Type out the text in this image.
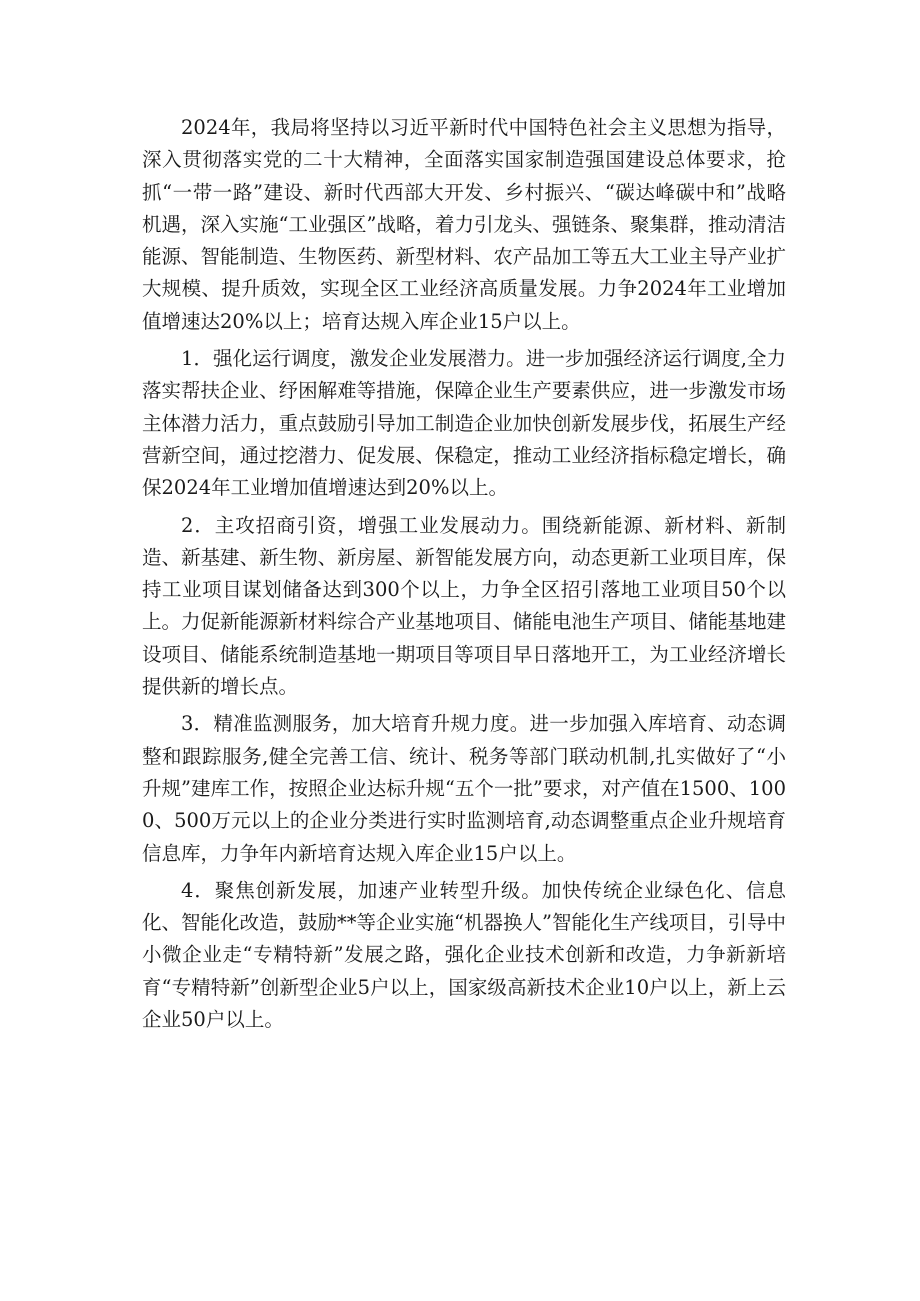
2024年，我局将坚持以习近平新时代中国特色社会主义思想为指导，深入贯彻落实党的二十大精神，全面落实国家制造强国建设总体要求，抢抓“一带一路”建设、新时代西部大开发、乡村振兴、“碳达峰碳中和”战略机遇，深入实施“工业强区”战略，着力引龙头、强链条、聚集群，推动清洁能源、智能制造、生物医药、新型材料、农产品加工等五大工业主导产业扩大规模、提升质效，实现全区工业经济高质量发展。力争2024年工业增加值增速达20%以上；培育达规入库企业15户以上。

1．强化运行调度，激发企业发展潜力。进一步加强经济运行调度,全力落实帮扶企业、纾困解难等措施，保障企业生产要素供应，进一步激发市场主体潜力活力，重点鼓励引导加工制造企业加快创新发展步伐，拓展生产经营新空间，通过挖潜力、促发展、保稳定，推动工业经济指标稳定增长，确保2024年工业增加值增速达到20%以上。

2．主攻招商引资，增强工业发展动力。围绕新能源、新材料、新制造、新基建、新生物、新房屋、新智能发展方向，动态更新工业项目库，保持工业项目谋划储备达到300个以上，力争全区招引落地工业项目50个以上。力促新能源新材料综合产业基地项目、储能电池生产项目、储能基地建设项目、储能系统制造基地一期项目等项目早日落地开工，为工业经济增长提供新的增长点。

3．精准监测服务，加大培育升规力度。进一步加强入库培育、动态调整和跟踪服务,健全完善工信、统计、税务等部门联动机制,扎实做好了“小升规”建库工作，按照企业达标升规“五个一批”要求，对产值在1500、1000、500万元以上的企业分类进行实时监测培育,动态调整重点企业升规培育信息库，力争年内新培育达规入库企业15户以上。

4．聚焦创新发展，加速产业转型升级。加快传统企业绿色化、信息化、智能化改造，鼓励**等企业实施“机器换人”智能化生产线项目，引导中小微企业走“专精特新”发展之路，强化企业技术创新和改造，力争新新培育“专精特新”创新型企业5户以上，国家级高新技术企业10户以上，新上云企业50户以上。
